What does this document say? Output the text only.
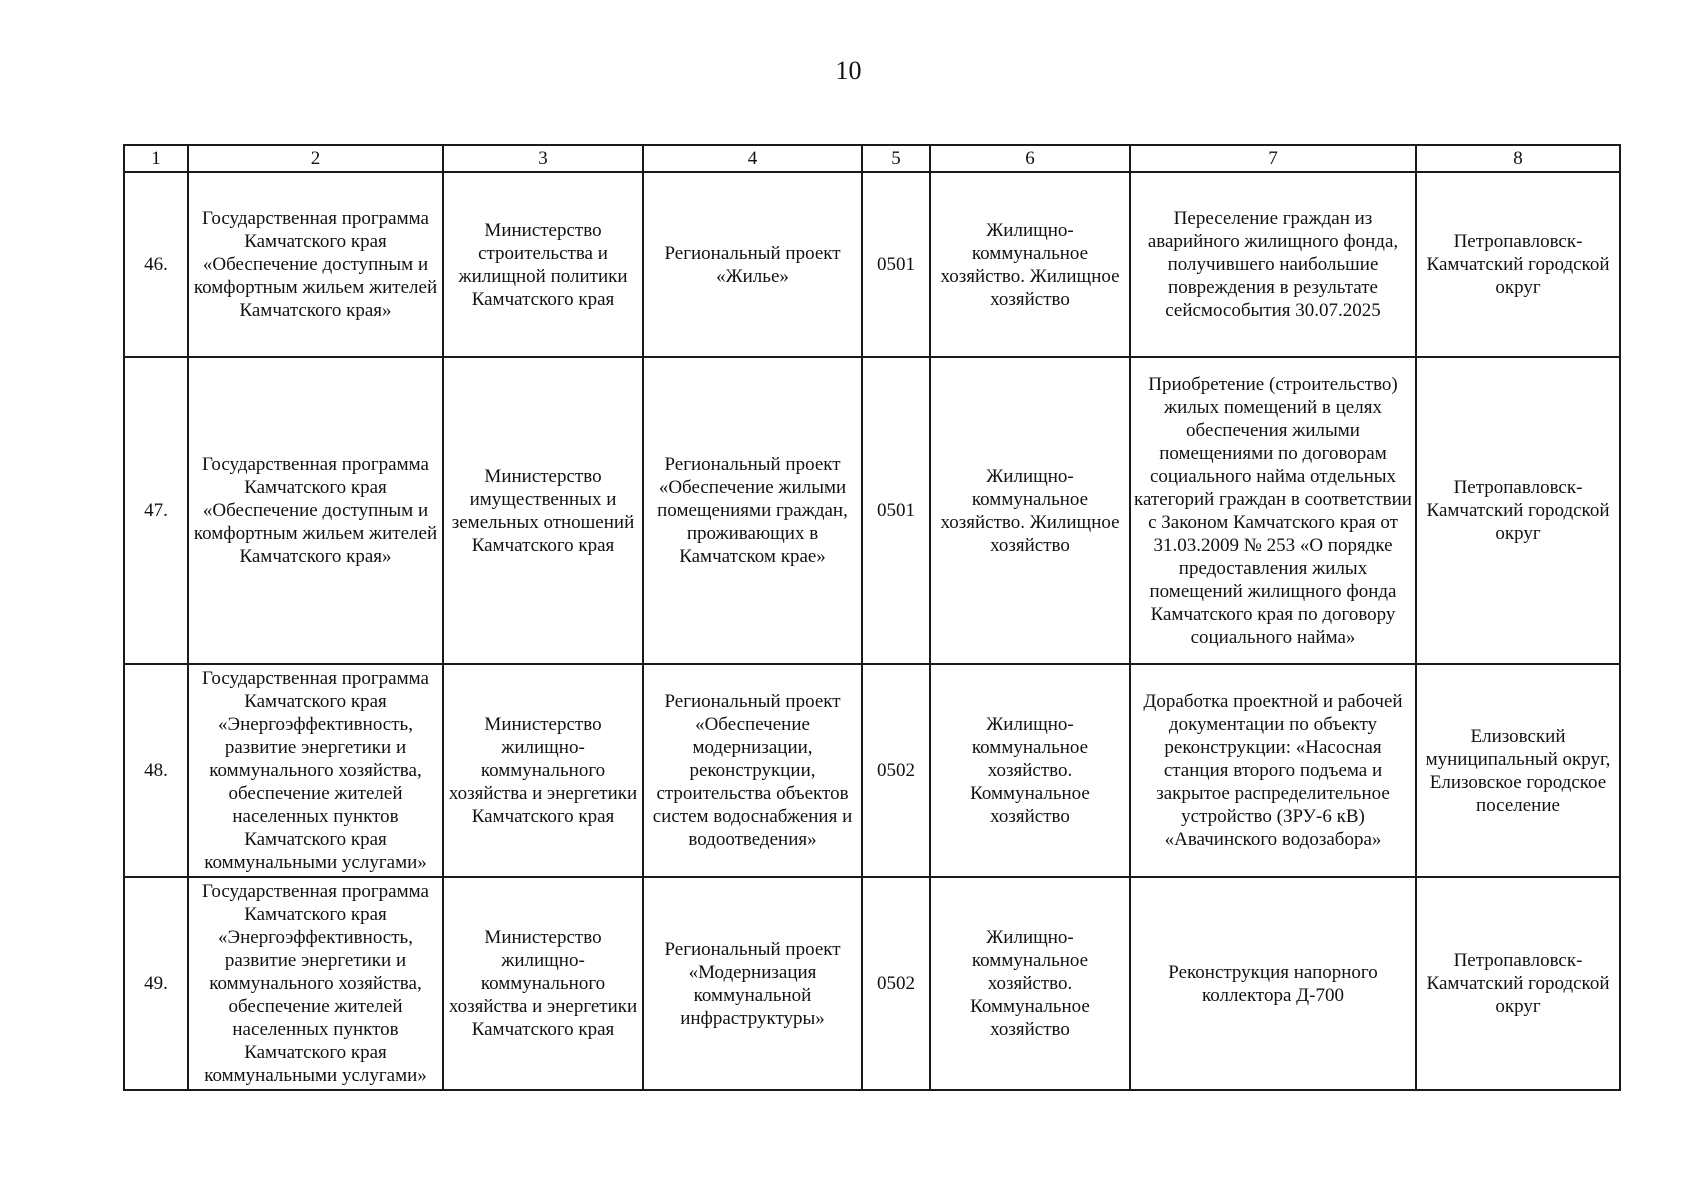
10
1	2	3	4	5	6	7	8
46.	Государственная программа Камчатского края «Обеспечение доступным и комфортным жильем жителей Камчатского края»	Министерство строительства и жилищной политики Камчатского края	Региональный проект «Жилье»	0501	Жилищно-коммунальное хозяйство. Жилищное хозяйство	Переселение граждан из аварийного жилищного фонда, получившего наибольшие повреждения в результате сейсмособытия 30.07.2025	Петропавловск-Камчатский городской округ
47.	Государственная программа Камчатского края «Обеспечение доступным и комфортным жильем жителей Камчатского края»	Министерство имущественных и земельных отношений Камчатского края	Региональный проект «Обеспечение жилыми помещениями граждан, проживающих в Камчатском крае»	0501	Жилищно-коммунальное хозяйство. Жилищное хозяйство	Приобретение (строительство) жилых помещений в целях обеспечения жилыми помещениями по договорам социального найма отдельных категорий граждан в соответствии с Законом Камчатского края от 31.03.2009 № 253 «О порядке предоставления жилых помещений жилищного фонда Камчатского края по договору социального найма»	Петропавловск-Камчатский городской округ
48.	Государственная программа Камчатского края «Энергоэффективность, развитие энергетики и коммунального хозяйства, обеспечение жителей населенных пунктов Камчатского края коммунальными услугами»	Министерство жилищно-коммунального хозяйства и энергетики Камчатского края	Региональный проект «Обеспечение модернизации, реконструкции, строительства объектов систем водоснабжения и водоотведения»	0502	Жилищно-коммунальное хозяйство. Коммунальное хозяйство	Доработка проектной и рабочей документации по объекту реконструкции: «Насосная станция второго подъема и закрытое распределительное устройство (ЗРУ-6 кВ) «Авачинского водозабора»	Елизовский муниципальный округ, Елизовское городское поселение
49.	Государственная программа Камчатского края «Энергоэффективность, развитие энергетики и коммунального хозяйства, обеспечение жителей населенных пунктов Камчатского края коммунальными услугами»	Министерство жилищно-коммунального хозяйства и энергетики Камчатского края	Региональный проект «Модернизация коммунальной инфраструктуры»	0502	Жилищно-коммунальное хозяйство. Коммунальное хозяйство	Реконструкция напорного коллектора Д-700	Петропавловск-Камчатский городской округ
